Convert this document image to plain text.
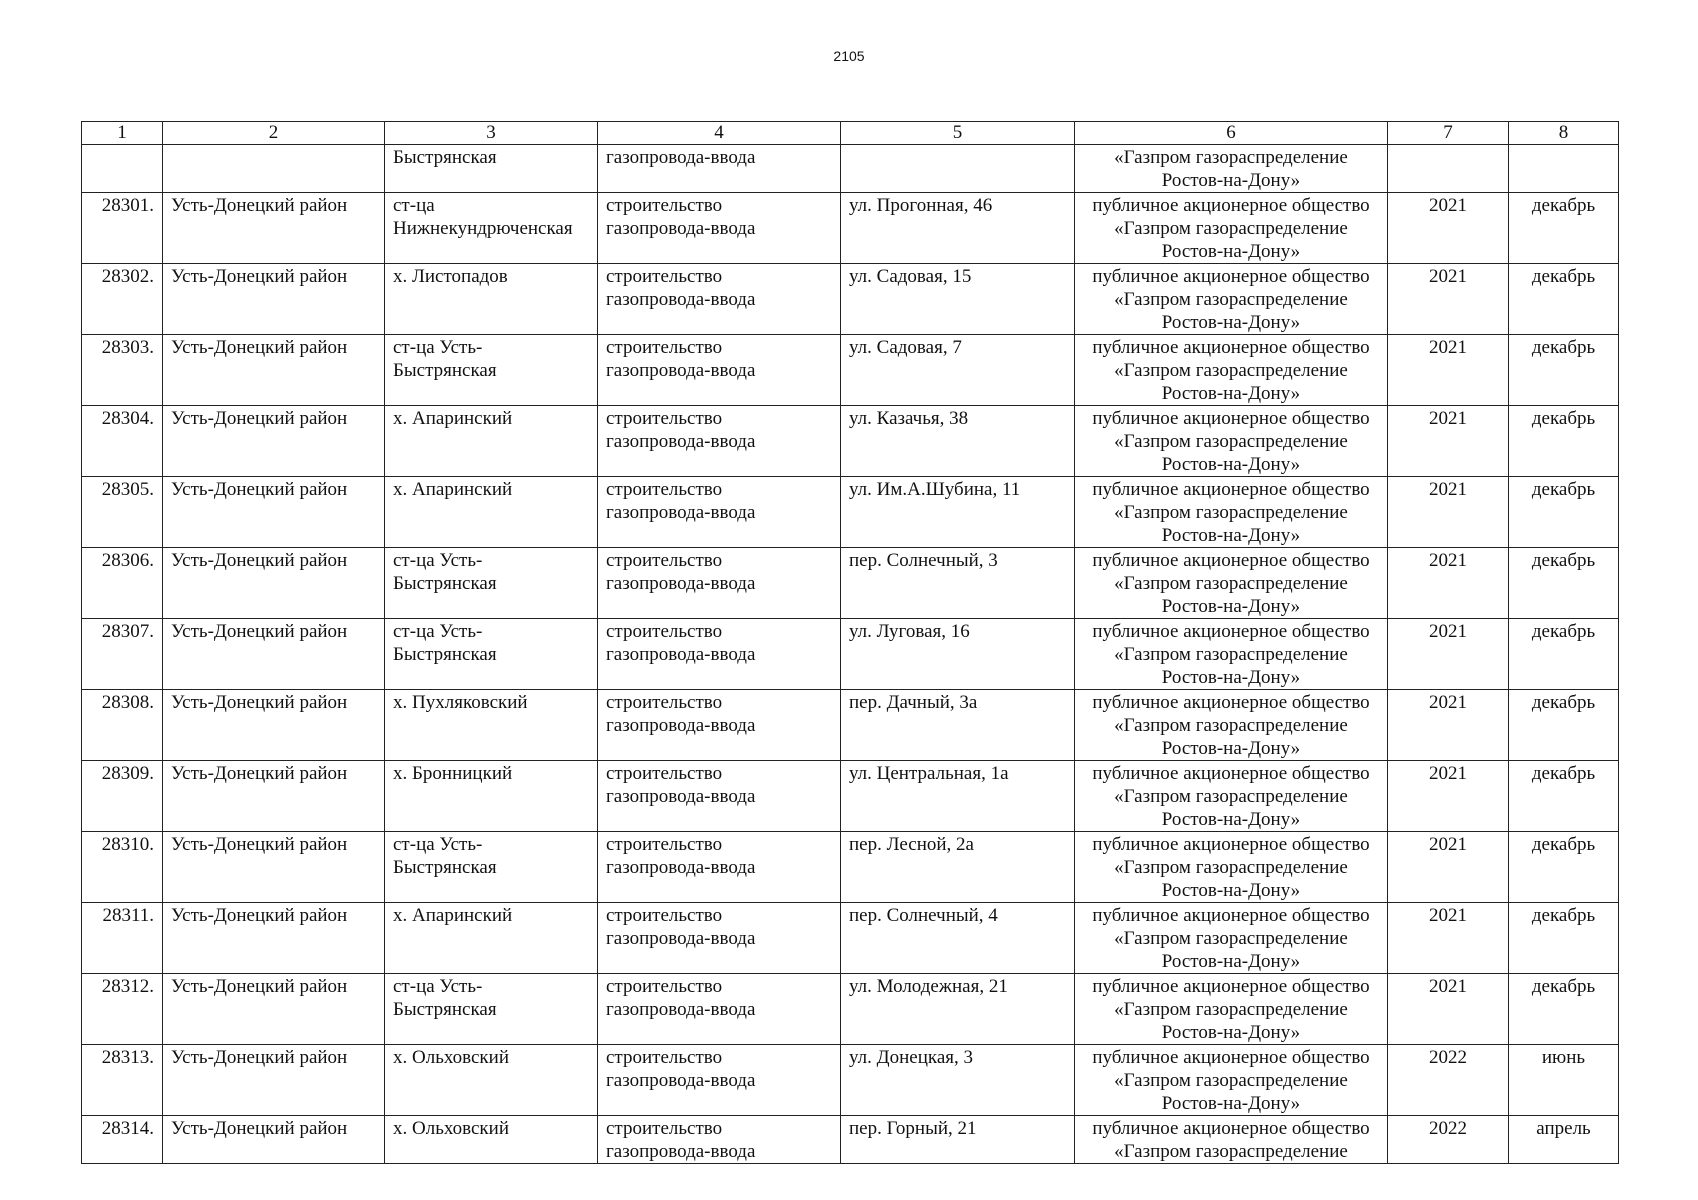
2105
1	2	3	4	5	6	7	8

		Быстрянская	газопровода-ввода		«Газпром газораспределение
Ростов-на-Дону»		

28301.	Усть-Донецкий район	ст-ца
Нижнекундрюченская	строительство
газопровода-ввода	ул. Прогонная, 46	публичное акционерное общество
«Газпром газораспределение
Ростов-на-Дону»	2021	декабрь
28302.	Усть-Донецкий район	х. Листопадов	строительство
газопровода-ввода	ул. Садовая, 15	публичное акционерное общество
«Газпром газораспределение
Ростов-на-Дону»	2021	декабрь
28303.	Усть-Донецкий район	ст-ца Усть-
Быстрянская	строительство
газопровода-ввода	ул. Садовая, 7	публичное акционерное общество
«Газпром газораспределение
Ростов-на-Дону»	2021	декабрь
28304.	Усть-Донецкий район	х. Апаринский	строительство
газопровода-ввода	ул. Казачья, 38	публичное акционерное общество
«Газпром газораспределение
Ростов-на-Дону»	2021	декабрь
28305.	Усть-Донецкий район	х. Апаринский	строительство
газопровода-ввода	ул. Им.А.Шубина, 11	публичное акционерное общество
«Газпром газораспределение
Ростов-на-Дону»	2021	декабрь
28306.	Усть-Донецкий район	ст-ца Усть-
Быстрянская	строительство
газопровода-ввода	пер. Солнечный, 3	публичное акционерное общество
«Газпром газораспределение
Ростов-на-Дону»	2021	декабрь
28307.	Усть-Донецкий район	ст-ца Усть-
Быстрянская	строительство
газопровода-ввода	ул. Луговая, 16	публичное акционерное общество
«Газпром газораспределение
Ростов-на-Дону»	2021	декабрь
28308.	Усть-Донецкий район	х. Пухляковский	строительство
газопровода-ввода	пер. Дачный, 3а	публичное акционерное общество
«Газпром газораспределение
Ростов-на-Дону»	2021	декабрь
28309.	Усть-Донецкий район	х. Бронницкий	строительство
газопровода-ввода	ул. Центральная, 1а	публичное акционерное общество
«Газпром газораспределение
Ростов-на-Дону»	2021	декабрь
28310.	Усть-Донецкий район	ст-ца Усть-
Быстрянская	строительство
газопровода-ввода	пер. Лесной, 2а	публичное акционерное общество
«Газпром газораспределение
Ростов-на-Дону»	2021	декабрь
28311.	Усть-Донецкий район	х. Апаринский	строительство
газопровода-ввода	пер. Солнечный, 4	публичное акционерное общество
«Газпром газораспределение
Ростов-на-Дону»	2021	декабрь
28312.	Усть-Донецкий район	ст-ца Усть-
Быстрянская	строительство
газопровода-ввода	ул. Молодежная, 21	публичное акционерное общество
«Газпром газораспределение
Ростов-на-Дону»	2021	декабрь
28313.	Усть-Донецкий район	х. Ольховский	строительство
газопровода-ввода	ул. Донецкая, 3	публичное акционерное общество
«Газпром газораспределение
Ростов-на-Дону»	2022	июнь
28314.	Усть-Донецкий район	х. Ольховский	строительство
газопровода-ввода	пер. Горный, 21	публичное акционерное общество
«Газпром газораспределение	2022	апрель
